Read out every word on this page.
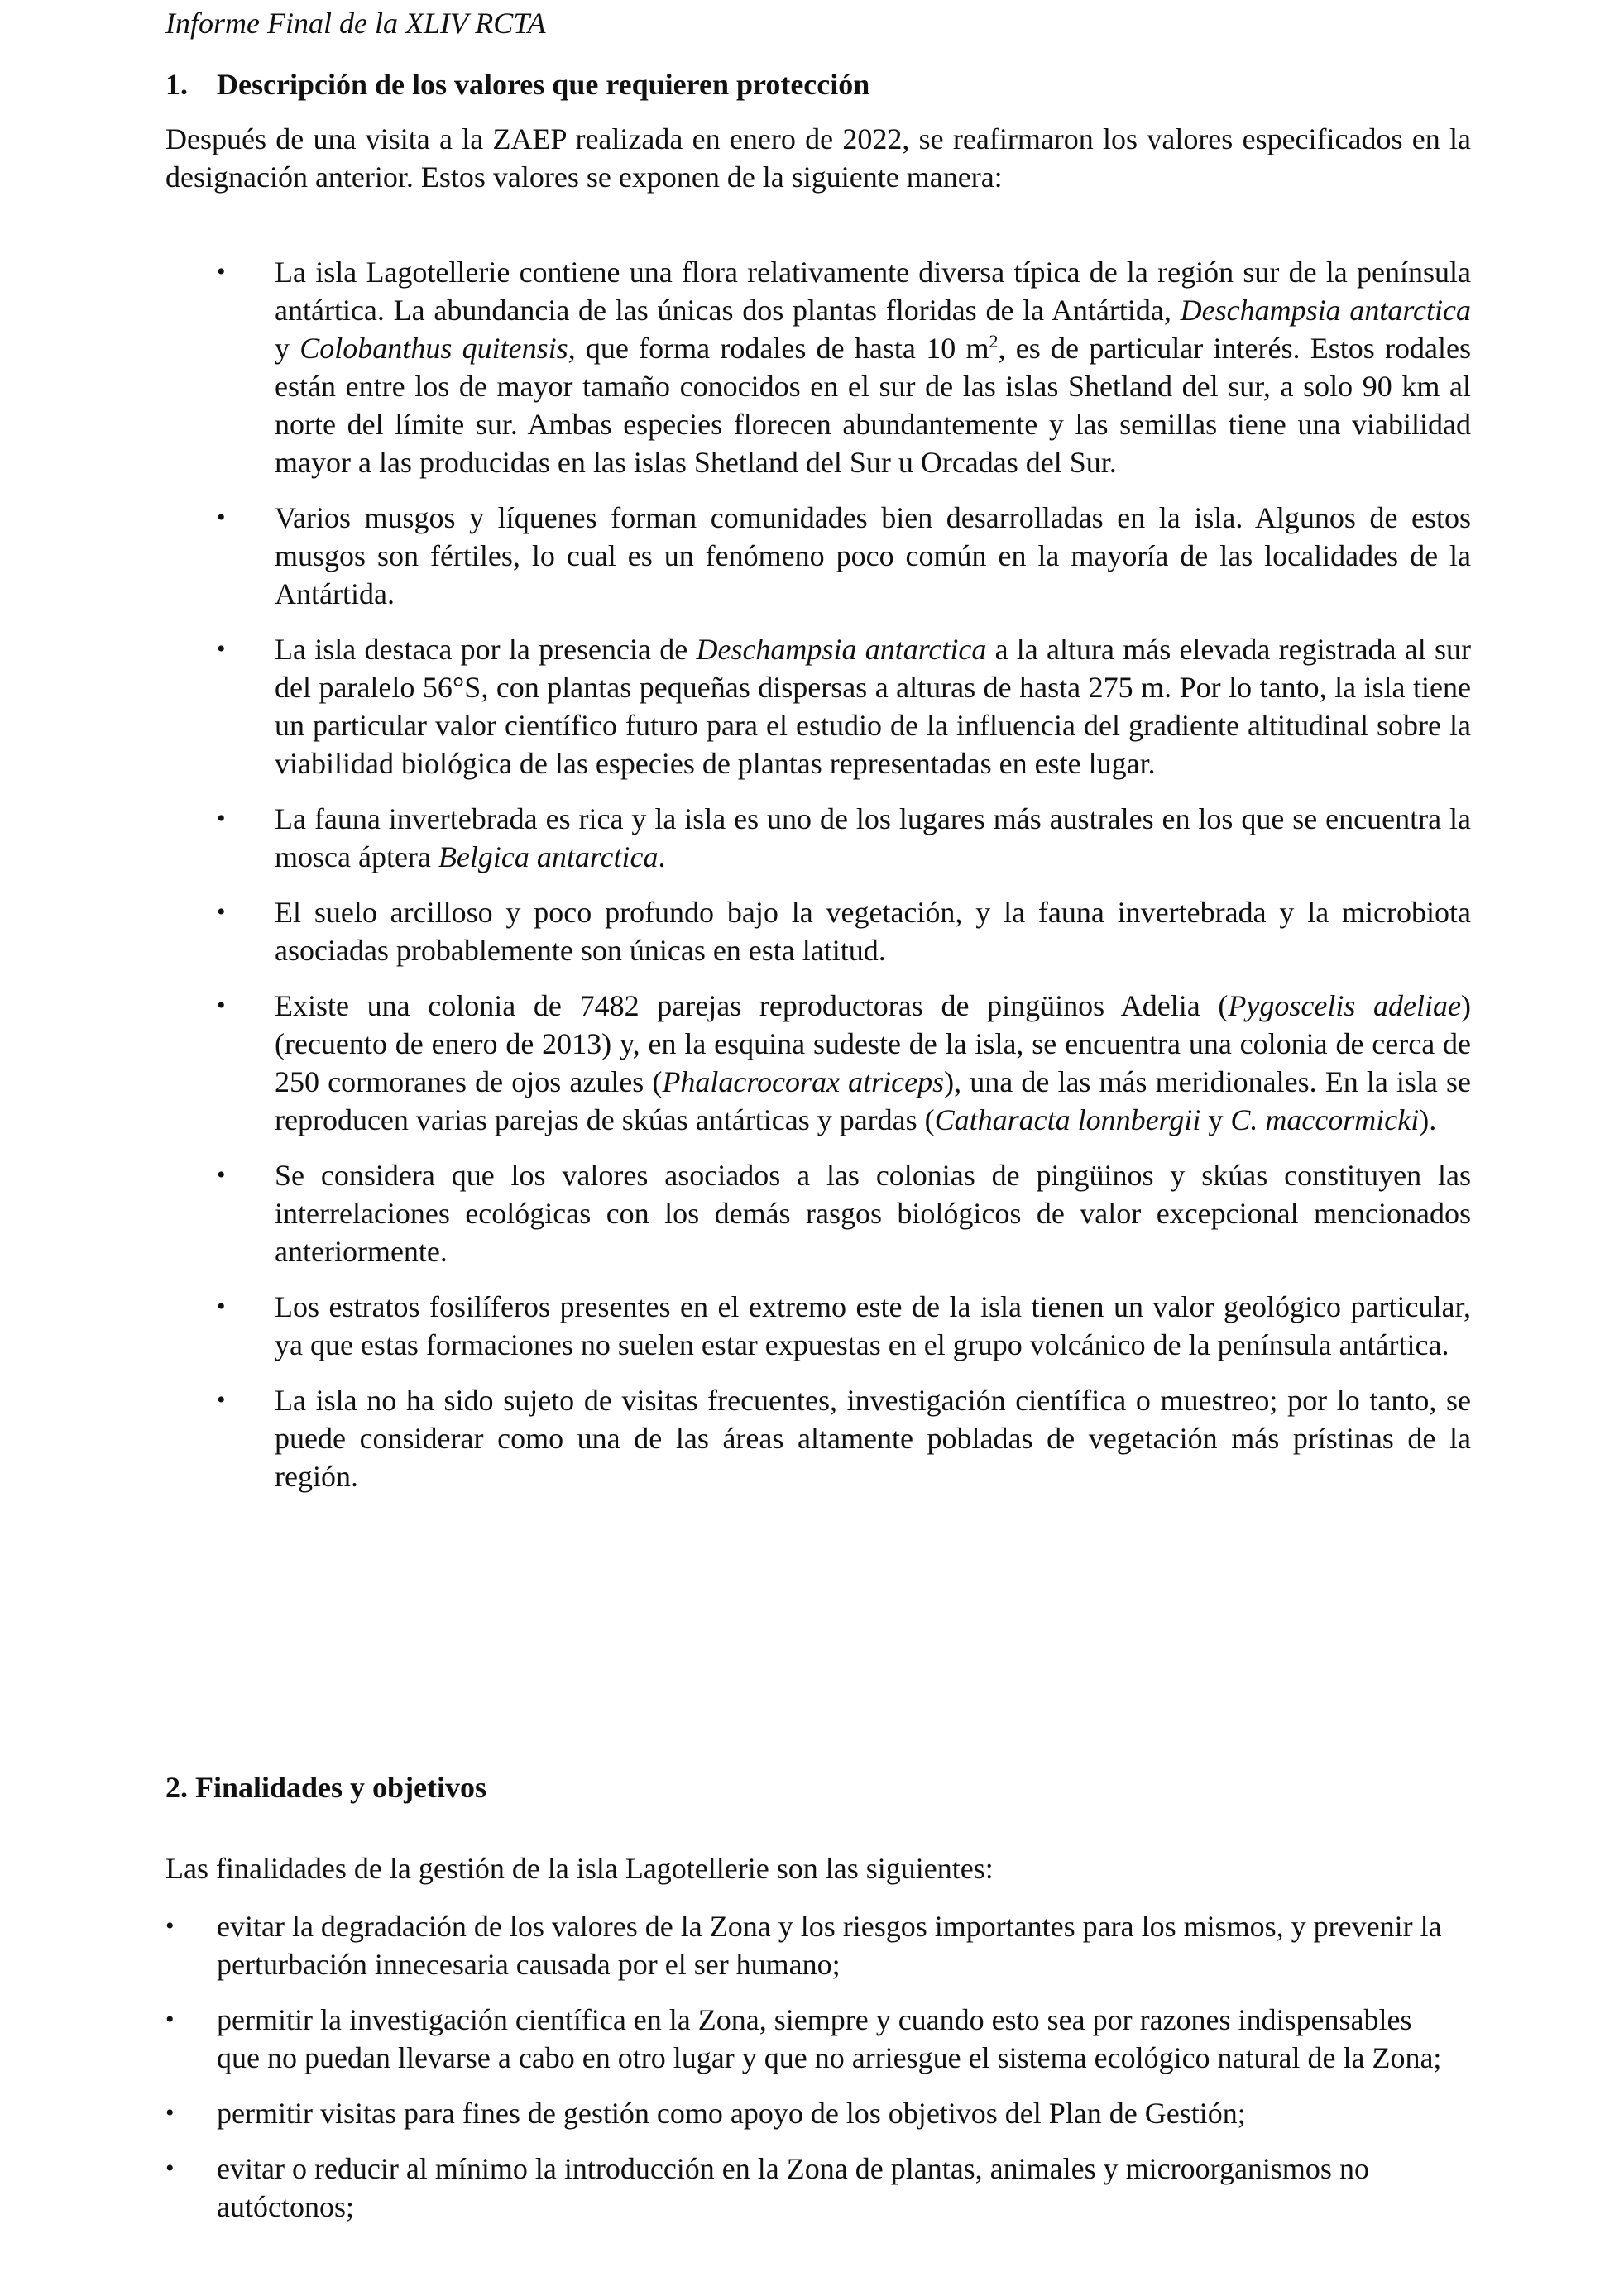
Informe Final de la XLIV RCTA
1. Descripción de los valores que requieren protección
Después de una visita a la ZAEP realizada en enero de 2022, se reafirmaron los valores especificados en la designación anterior. Estos valores se exponen de la siguiente manera:
• La isla Lagotellerie contiene una flora relativamente diversa típica de la región sur de la península antártica. La abundancia de las únicas dos plantas floridas de la Antártida, Deschampsia antarctica y Colobanthus quitensis, que forma rodales de hasta 10 $m^2$, es de particular interés. Estos rodales están entre los de mayor tamaño conocidos en el sur de las islas Shetland del sur, a solo 90 km al norte del límite sur. Ambas especies florecen abundantemente y las semillas tiene una viabilidad mayor a las producidas en las islas Shetland del Sur u Orcadas del Sur.
• Varios musgos y líquenes forman comunidades bien desarrolladas en la isla. Algunos de estos musgos son fértiles, lo cual es un fenómeno poco común en la mayoría de las localidades de la Antártida.
• La isla destaca por la presencia de Deschampsia antarctica a la altura más elevada registrada al sur del paralelo 56°S, con plantas pequeñas dispersas a alturas de hasta 275 m. Por lo tanto, la isla tiene un particular valor científico futuro para el estudio de la influencia del gradiente altitudinal sobre la viabilidad biológica de las especies de plantas representadas en este lugar.
• La fauna invertebrada es rica y la isla es uno de los lugares más australes en los que se encuentra la mosca áptera Belgica antarctica.
• El suelo arcilloso y poco profundo bajo la vegetación, y la fauna invertebrada y la microbiota asociadas probablemente son únicas en esta latitud.
• Existe una colonia de 7482 parejas reproductoras de pingüinos Adelia (Pygoscelis adeliae) (recuento de enero de 2013) y, en la esquina sudeste de la isla, se encuentra una colonia de cerca de 250 cormoranes de ojos azules (Phalacrocorax atriceps), una de las más meridionales. En la isla se reproducen varias parejas de skúas antárticas y pardas (Catharacta lonnbergii y C. maccormicki).
• Se considera que los valores asociados a las colonias de pingüinos y skúas constituyen las interrelaciones ecológicas con los demás rasgos biológicos de valor excepcional mencionados anteriormente.
• Los estratos fosilíferos presentes en el extremo este de la isla tienen un valor geológico particular, ya que estas formaciones no suelen estar expuestas en el grupo volcánico de la península antártica.
• La isla no ha sido sujeto de visitas frecuentes, investigación científica o muestreo; por lo tanto, se puede considerar como una de las áreas altamente pobladas de vegetación más prístinas de la región.
2. Finalidades y objetivos
Las finalidades de la gestión de la isla Lagotellerie son las siguientes:
• evitar la degradación de los valores de la Zona y los riesgos importantes para los mismos, y prevenir la perturbación innecesaria causada por el ser humano;
• permitir la investigación científica en la Zona, siempre y cuando esto sea por razones indispensables que no puedan llevarse a cabo en otro lugar y que no arriesgue el sistema ecológico natural de la Zona;
• permitir visitas para fines de gestión como apoyo de los objetivos del Plan de Gestión;
• evitar o reducir al mínimo la introducción en la Zona de plantas, animales y microorganismos no autóctonos;
